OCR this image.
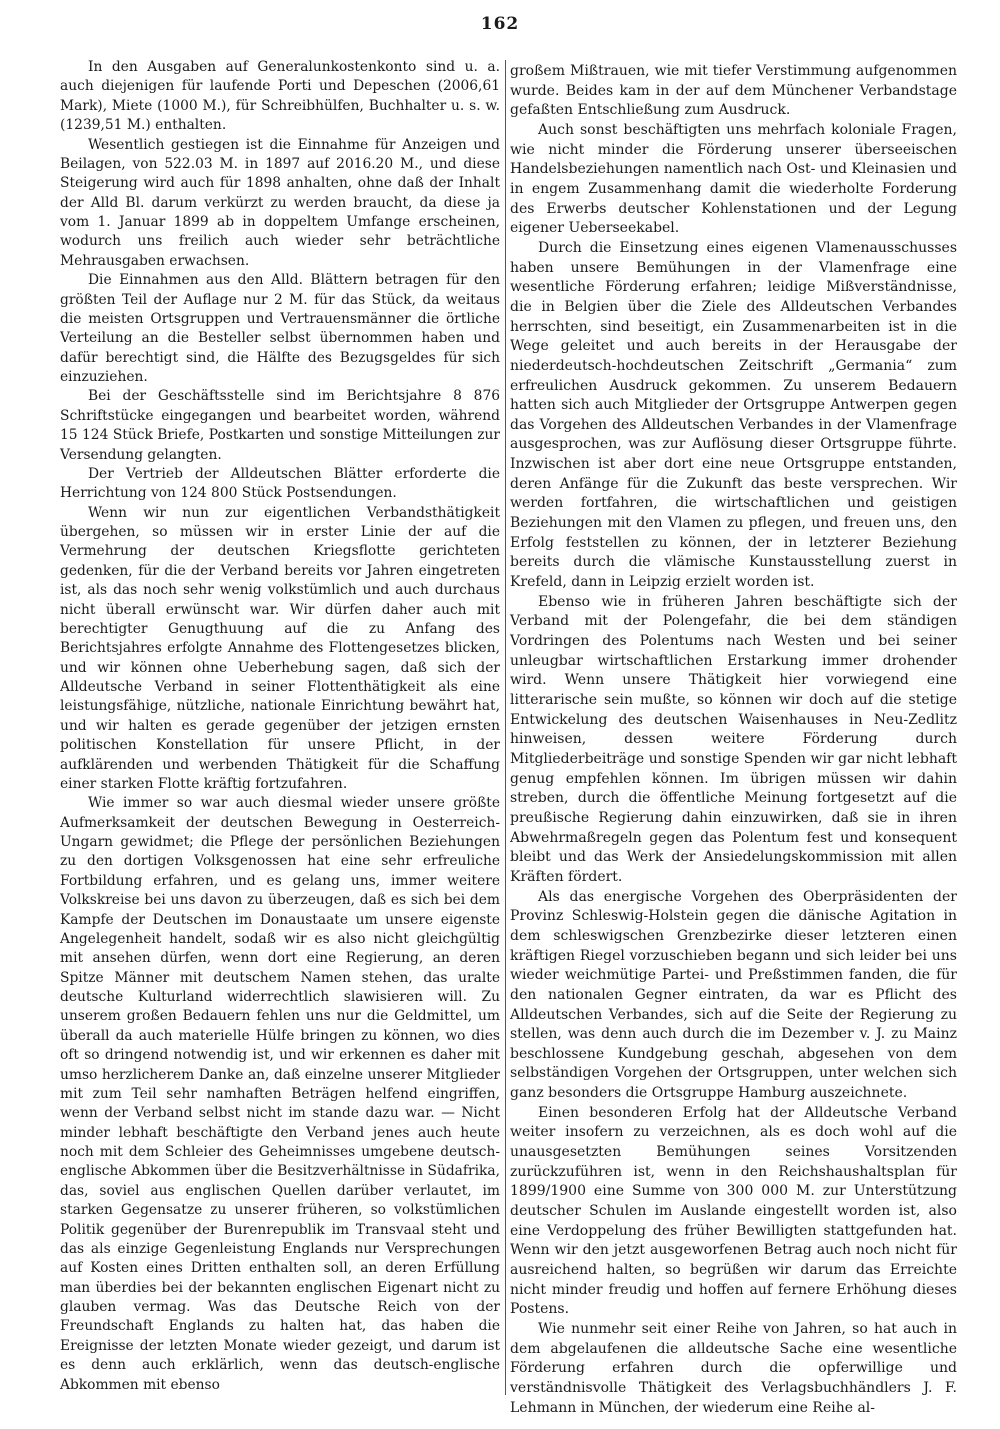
162

In den Ausgaben auf Generalunkostenkonto sind u. a. auch diejenigen für laufende Porti und Depeschen (2006,61 Mark), Miete (1000 M.), für Schreibhülfen, Buchhalter u. s. w. (1239,51 M.) enthalten.

Wesentlich gestiegen ist die Einnahme für Anzeigen und Beilagen, von 522.03 M. in 1897 auf 2016.20 M., und diese Steigerung wird auch für 1898 anhalten, ohne daß der Inhalt der Alld Bl. darum verkürzt zu werden braucht, da diese ja vom 1. Januar 1899 ab in doppeltem Umfange erscheinen, wodurch uns freilich auch wieder sehr beträchtliche Mehrausgaben erwachsen.

Die Einnahmen aus den Alld. Blättern betragen für den größten Teil der Auflage nur 2 M. für das Stück, da weitaus die meisten Ortsgruppen und Vertrauensmänner die örtliche Verteilung an die Besteller selbst übernommen haben und dafür berechtigt sind, die Hälfte des Bezugsgeldes für sich einzuziehen.

Bei der Geschäftsstelle sind im Berichtsjahre 8 876 Schriftstücke eingegangen und bearbeitet worden, während 15 124 Stück Briefe, Postkarten und sonstige Mitteilungen zur Versendung gelangten.

Der Vertrieb der Alldeutschen Blätter erforderte die Herrichtung von 124 800 Stück Postsendungen.

Wenn wir nun zur eigentlichen Verbandsthätigkeit übergehen, so müssen wir in erster Linie der auf die Vermehrung der deutschen Kriegsflotte gerichteten gedenken, für die der Verband bereits vor Jahren eingetreten ist, als das noch sehr wenig volkstümlich und auch durchaus nicht überall erwünscht war. Wir dürfen daher auch mit berechtigter Genugthuung auf die zu Anfang des Berichtsjahres erfolgte Annahme des Flottengesetzes blicken, und wir können ohne Ueberhebung sagen, daß sich der Alldeutsche Verband in seiner Flottenthätigkeit als eine leistungsfähige, nützliche, nationale Einrichtung bewährt hat, und wir halten es gerade gegenüber der jetzigen ernsten politischen Konstellation für unsere Pflicht, in der aufklärenden und werbenden Thätigkeit für die Schaffung einer starken Flotte kräftig fortzufahren.

Wie immer so war auch diesmal wieder unsere größte Aufmerksamkeit der deutschen Bewegung in Oesterreich-Ungarn gewidmet; die Pflege der persönlichen Beziehungen zu den dortigen Volksgenossen hat eine sehr erfreuliche Fortbildung erfahren, und es gelang uns, immer weitere Volkskreise bei uns davon zu überzeugen, daß es sich bei dem Kampfe der Deutschen im Donaustaate um unsere eigenste Angelegenheit handelt, sodaß wir es also nicht gleichgültig mit ansehen dürfen, wenn dort eine Regierung, an deren Spitze Männer mit deutschem Namen stehen, das uralte deutsche Kulturland widerrechtlich slawisieren will. Zu unserem großen Bedauern fehlen uns nur die Geldmittel, um überall da auch materielle Hülfe bringen zu können, wo dies oft so dringend notwendig ist, und wir erkennen es daher mit umso herzlicherem Danke an, daß einzelne unserer Mitglieder mit zum Teil sehr namhaften Beträgen helfend eingriffen, wenn der Verband selbst nicht im stande dazu war. — Nicht minder lebhaft beschäftigte den Verband jenes auch heute noch mit dem Schleier des Geheimnisses umgebene deutsch-englische Abkommen über die Besitzverhältnisse in Südafrika, das, soviel aus englischen Quellen darüber verlautet, im starken Gegensatze zu unserer früheren, so volkstümlichen Politik gegenüber der Burenrepublik im Transvaal steht und das als einzige Gegenleistung Englands nur Versprechungen auf Kosten eines Dritten enthalten soll, an deren Erfüllung man überdies bei der bekannten englischen Eigenart nicht zu glauben vermag. Was das Deutsche Reich von der Freundschaft Englands zu halten hat, das haben die Ereignisse der letzten Monate wieder gezeigt, und darum ist es denn auch erklärlich, wenn das deutsch-englische Abkommen mit ebenso

großem Mißtrauen, wie mit tiefer Verstimmung aufgenommen wurde. Beides kam in der auf dem Münchener Verbandstage gefaßten Entschließung zum Ausdruck.

Auch sonst beschäftigten uns mehrfach koloniale Fragen, wie nicht minder die Förderung unserer überseeischen Handelsbeziehungen namentlich nach Ost- und Kleinasien und in engem Zusammenhang damit die wiederholte Forderung des Erwerbs deutscher Kohlenstationen und der Legung eigener Ueberseekabel.

Durch die Einsetzung eines eigenen Vlamenausschusses haben unsere Bemühungen in der Vlamenfrage eine wesentliche Förderung erfahren; leidige Mißverständnisse, die in Belgien über die Ziele des Alldeutschen Verbandes herrschten, sind beseitigt, ein Zusammenarbeiten ist in die Wege geleitet und auch bereits in der Herausgabe der niederdeutsch-hochdeutschen Zeitschrift „Germania“ zum erfreulichen Ausdruck gekommen. Zu unserem Bedauern hatten sich auch Mitglieder der Ortsgruppe Antwerpen gegen das Vorgehen des Alldeutschen Verbandes in der Vlamenfrage ausgesprochen, was zur Auflösung dieser Ortsgruppe führte. Inzwischen ist aber dort eine neue Ortsgruppe entstanden, deren Anfänge für die Zukunft das beste versprechen. Wir werden fortfahren, die wirtschaftlichen und geistigen Beziehungen mit den Vlamen zu pflegen, und freuen uns, den Erfolg feststellen zu können, der in letzterer Beziehung bereits durch die vlämische Kunstausstellung zuerst in Krefeld, dann in Leipzig erzielt worden ist.

Ebenso wie in früheren Jahren beschäftigte sich der Verband mit der Polengefahr, die bei dem ständigen Vordringen des Polentums nach Westen und bei seiner unleugbar wirtschaftlichen Erstarkung immer drohender wird. Wenn unsere Thätigkeit hier vorwiegend eine litterarische sein mußte, so können wir doch auf die stetige Entwickelung des deutschen Waisenhauses in Neu-Zedlitz hinweisen, dessen weitere Förderung durch Mitgliederbeiträge und sonstige Spenden wir gar nicht lebhaft genug empfehlen können. Im übrigen müssen wir dahin streben, durch die öffentliche Meinung fortgesetzt auf die preußische Regierung dahin einzuwirken, daß sie in ihren Abwehrmaßregeln gegen das Polentum fest und konsequent bleibt und das Werk der Ansiedelungskommission mit allen Kräften fördert.

Als das energische Vorgehen des Oberpräsidenten der Provinz Schleswig-Holstein gegen die dänische Agitation in dem schleswigschen Grenzbezirke dieser letzteren einen kräftigen Riegel vorzuschieben begann und sich leider bei uns wieder weichmütige Partei- und Preßstimmen fanden, die für den nationalen Gegner eintraten, da war es Pflicht des Alldeutschen Verbandes, sich auf die Seite der Regierung zu stellen, was denn auch durch die im Dezember v. J. zu Mainz beschlossene Kundgebung geschah, abgesehen von dem selbständigen Vorgehen der Ortsgruppen, unter welchen sich ganz besonders die Ortsgruppe Hamburg auszeichnete.

Einen besonderen Erfolg hat der Alldeutsche Verband weiter insofern zu verzeichnen, als es doch wohl auf die unausgesetzten Bemühungen seines Vorsitzenden zurückzuführen ist, wenn in den Reichshaushaltsplan für 1899/1900 eine Summe von 300 000 M. zur Unterstützung deutscher Schulen im Auslande eingestellt worden ist, also eine Verdoppelung des früher Bewilligten stattgefunden hat. Wenn wir den jetzt ausgeworfenen Betrag auch noch nicht für ausreichend halten, so begrüßen wir darum das Erreichte nicht minder freudig und hoffen auf fernere Erhöhung dieses Postens.

Wie nunmehr seit einer Reihe von Jahren, so hat auch in dem abgelaufenen die alldeutsche Sache eine wesentliche Förderung erfahren durch die opferwillige und verständnisvolle Thätigkeit des Verlagsbuchhändlers J. F. Lehmann in München, der wiederum eine Reihe al-
